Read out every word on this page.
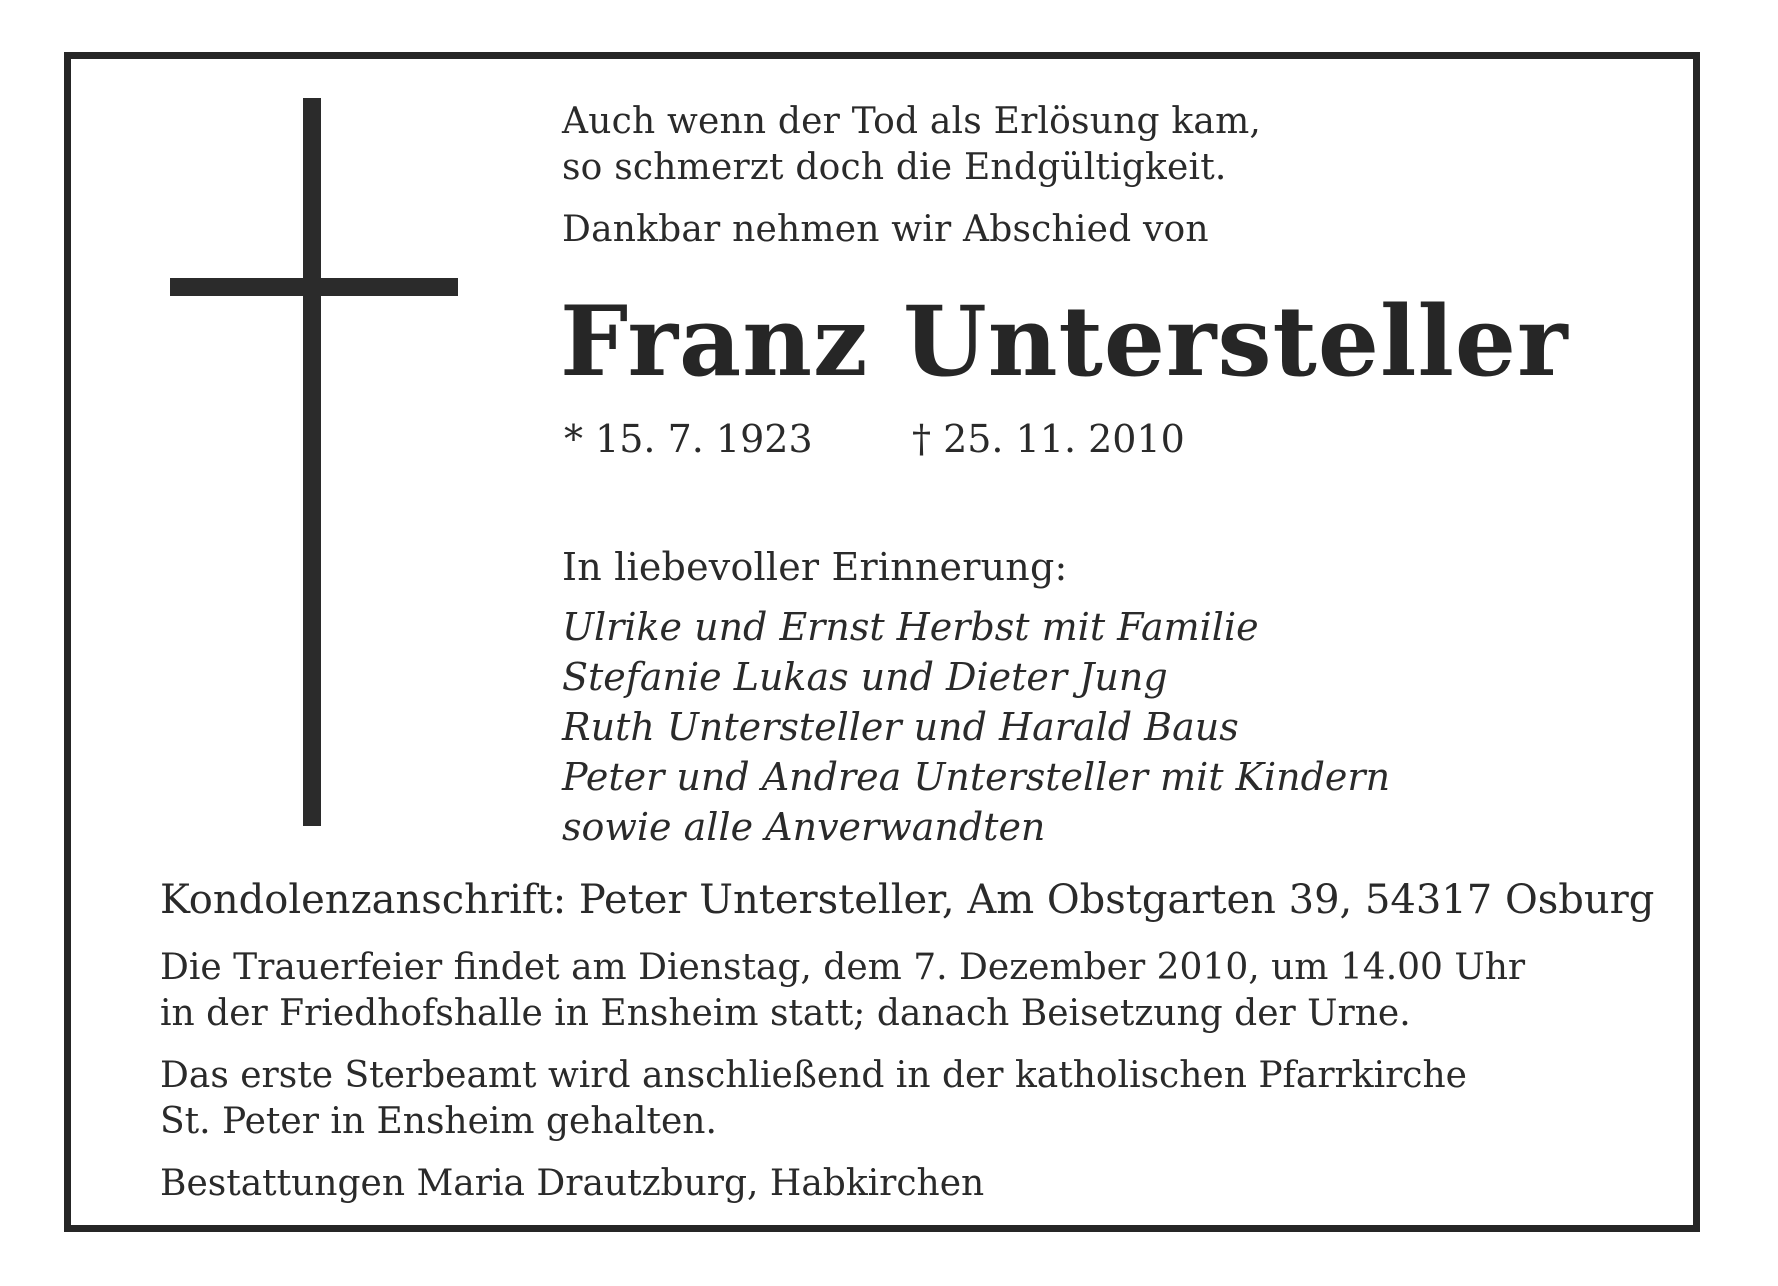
Auch wenn der Tod als Erlösung kam,
so schmerzt doch die Endgültigkeit.
Dankbar nehmen wir Abschied von
Franz Untersteller
* 15. 7. 1923	† 25. 11. 2010
In liebevoller Erinnerung:
Ulrike und Ernst Herbst mit Familie
Stefanie Lukas und Dieter Jung
Ruth Untersteller und Harald Baus
Peter und Andrea Untersteller mit Kindern
sowie alle Anverwandten
Kondolenzanschrift: Peter Untersteller, Am Obstgarten 39, 54317 Osburg
Die Trauerfeier findet am Dienstag, dem 7. Dezember 2010, um 14.00 Uhr
in der Friedhofshalle in Ensheim statt; danach Beisetzung der Urne.
Das erste Sterbeamt wird anschließend in der katholischen Pfarrkirche
St. Peter in Ensheim gehalten.
Bestattungen Maria Drautzburg, Habkirchen
